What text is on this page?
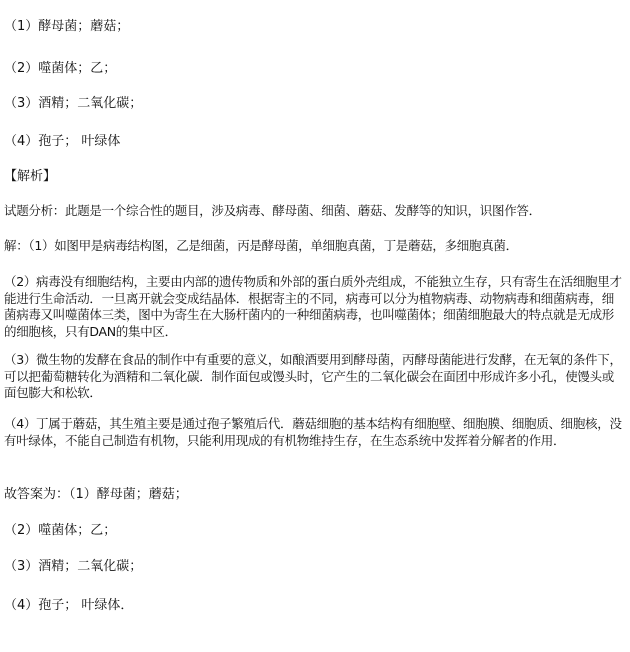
（1）酵母菌；蘑菇；
（2）噬菌体；乙；
（3）酒精；二氧化碳；
（4）孢子； 叶绿体
【解析】
试题分析：此题是一个综合性的题目，涉及病毒、酵母菌、细菌、蘑菇、发酵等的知识，识图作答．
解：（1）如图甲是病毒结构图，乙是细菌，丙是酵母菌，单细胞真菌，丁是蘑菇，多细胞真菌．
（2）病毒没有细胞结构，主要由内部的遗传物质和外部的蛋白质外壳组成，不能独立生存，只有寄生在活细胞里才能进行生命活动．一旦离开就会变成结晶体．根据寄主的不同，病毒可以分为植物病毒、动物病毒和细菌病毒，细菌病毒又叫噬菌体三类，图中为寄生在大肠杆菌内的一种细菌病毒，也叫噬菌体；细菌细胞最大的特点就是无成形的细胞核，只有DAN的集中区．
（3）微生物的发酵在食品的制作中有重要的意义，如酿酒要用到酵母菌，丙酵母菌能进行发酵，在无氧的条件下，可以把葡萄糖转化为酒精和二氧化碳．制作面包或馒头时，它产生的二氧化碳会在面团中形成许多小孔，使馒头或面包膨大和松软．
（4）丁属于蘑菇，其生殖主要是通过孢子繁殖后代．蘑菇细胞的基本结构有细胞壁、细胞膜、细胞质、细胞核，没有叶绿体，不能自己制造有机物，只能利用现成的有机物维持生存，在生态系统中发挥着分解者的作用．
故答案为：（1）酵母菌；蘑菇；
（2）噬菌体；乙；
（3）酒精；二氧化碳；
（4）孢子； 叶绿体．
